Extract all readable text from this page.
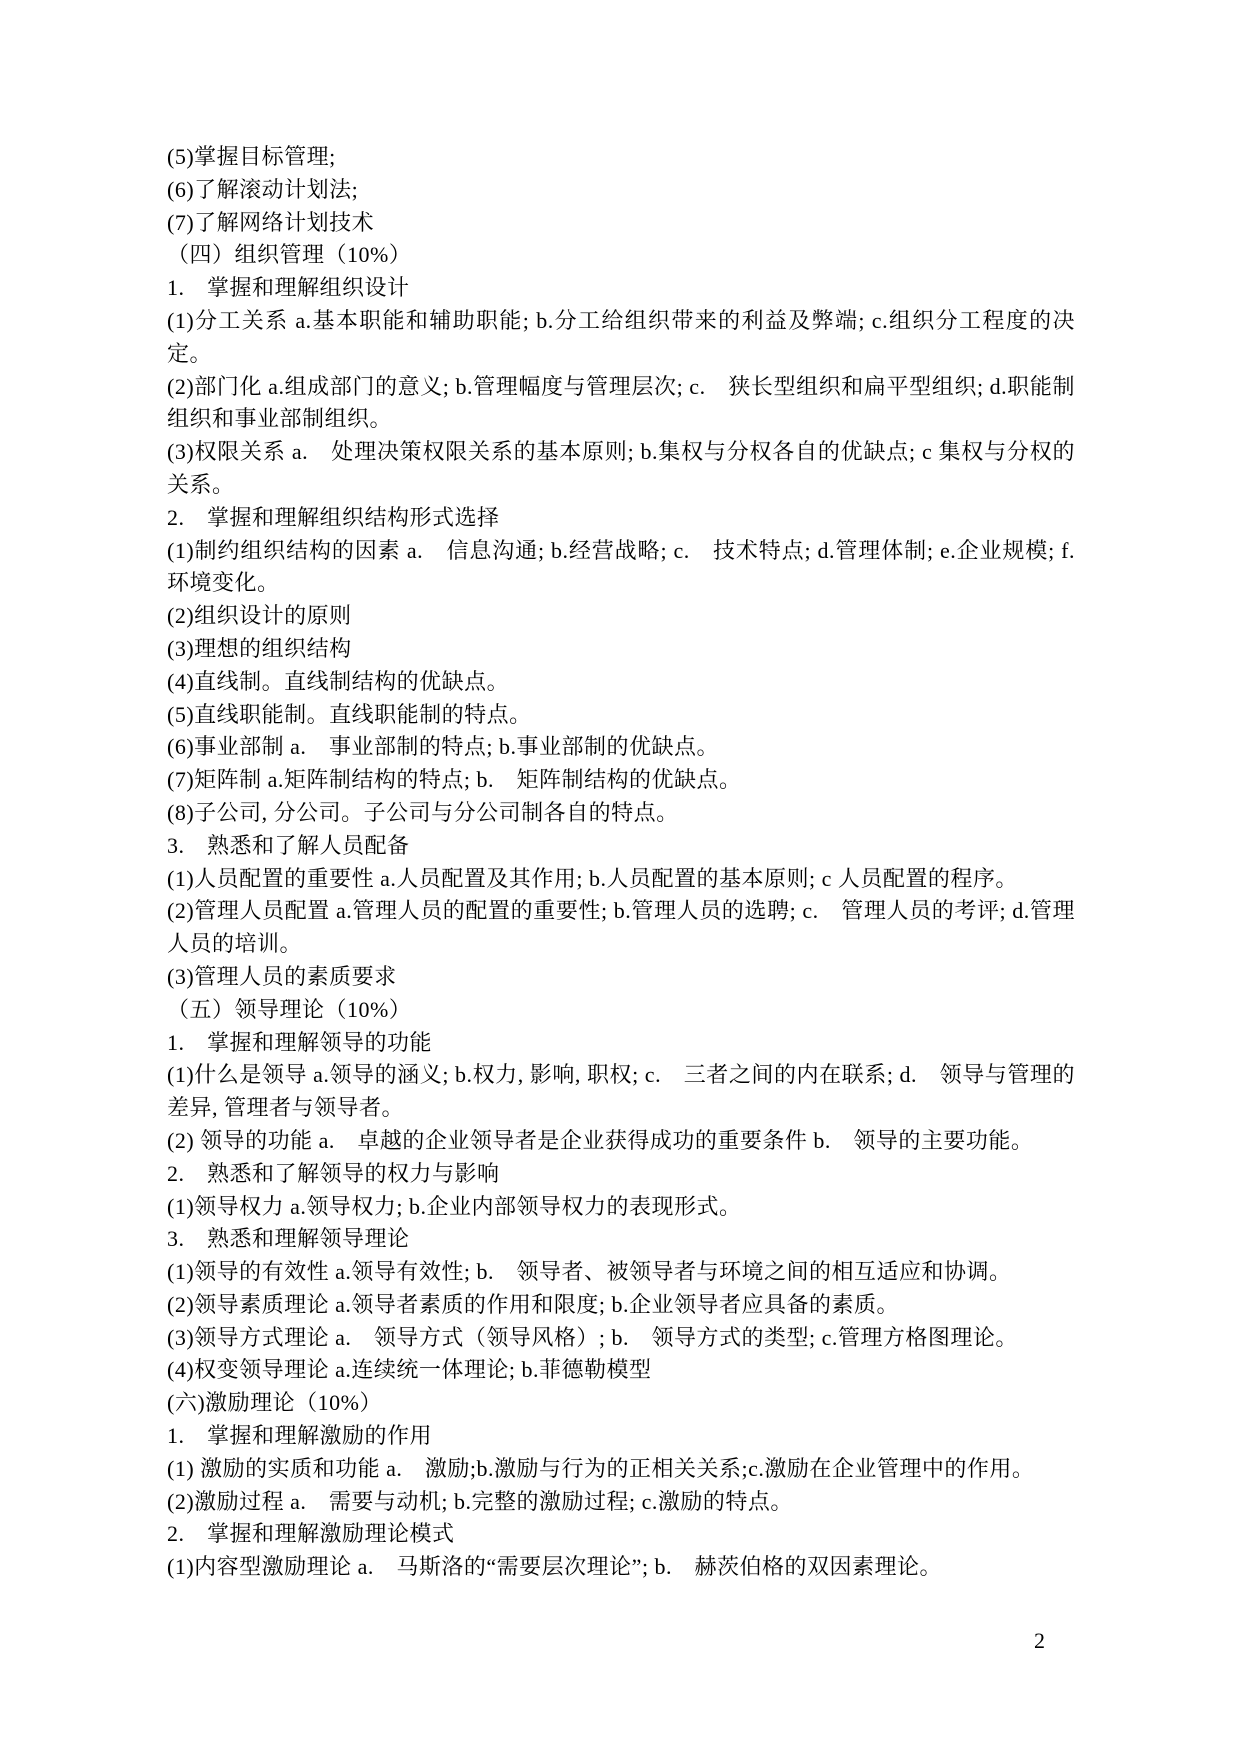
(5)掌握目标管理;

(6)了解滚动计划法;

(7)了解网络计划技术

（四）组织管理（10%）

1.　掌握和理解组织设计

(1)分工关系 a.基本职能和辅助职能; b.分工给组织带来的利益及弊端; c.组织分工程度的决定。

(2)部门化 a.组成部门的意义; b.管理幅度与管理层次; c.　狭长型组织和扁平型组织; d.职能制组织和事业部制组织。

(3)权限关系 a.　处理决策权限关系的基本原则; b.集权与分权各自的优缺点; c 集权与分权的关系。

2.　掌握和理解组织结构形式选择

(1)制约组织结构的因素 a.　信息沟通; b.经营战略; c.　技术特点; d.管理体制; e.企业规模; f.　环境变化。

(2)组织设计的原则

(3)理想的组织结构

(4)直线制。直线制结构的优缺点。

(5)直线职能制。直线职能制的特点。

(6)事业部制 a.　事业部制的特点; b.事业部制的优缺点。

(7)矩阵制 a.矩阵制结构的特点; b.　矩阵制结构的优缺点。

(8)子公司, 分公司。子公司与分公司制各自的特点。

3.　熟悉和了解人员配备

(1)人员配置的重要性 a.人员配置及其作用; b.人员配置的基本原则; c 人员配置的程序。

(2)管理人员配置 a.管理人员的配置的重要性; b.管理人员的选聘; c.　管理人员的考评; d.管理人员的培训。

(3)管理人员的素质要求

（五）领导理论（10%）

1.　掌握和理解领导的功能

(1)什么是领导 a.领导的涵义; b.权力, 影响, 职权; c.　三者之间的内在联系; d.　领导与管理的差异, 管理者与领导者。

(2) 领导的功能 a.　卓越的企业领导者是企业获得成功的重要条件 b.　领导的主要功能。

2.　熟悉和了解领导的权力与影响

(1)领导权力 a.领导权力; b.企业内部领导权力的表现形式。

3.　熟悉和理解领导理论

(1)领导的有效性 a.领导有效性; b.　领导者、被领导者与环境之间的相互适应和协调。

(2)领导素质理论 a.领导者素质的作用和限度; b.企业领导者应具备的素质。

(3)领导方式理论 a.　领导方式（领导风格）; b.　领导方式的类型; c.管理方格图理论。

(4)权变领导理论 a.连续统一体理论; b.菲德勒模型

(六)激励理论（10%）

1.　掌握和理解激励的作用

(1) 激励的实质和功能 a.　激励;b.激励与行为的正相关关系;c.激励在企业管理中的作用。

(2)激励过程 a.　需要与动机; b.完整的激励过程; c.激励的特点。

2.　掌握和理解激励理论模式

(1)内容型激励理论 a.　马斯洛的“需要层次理论”; b.　赫茨伯格的双因素理论。

2
